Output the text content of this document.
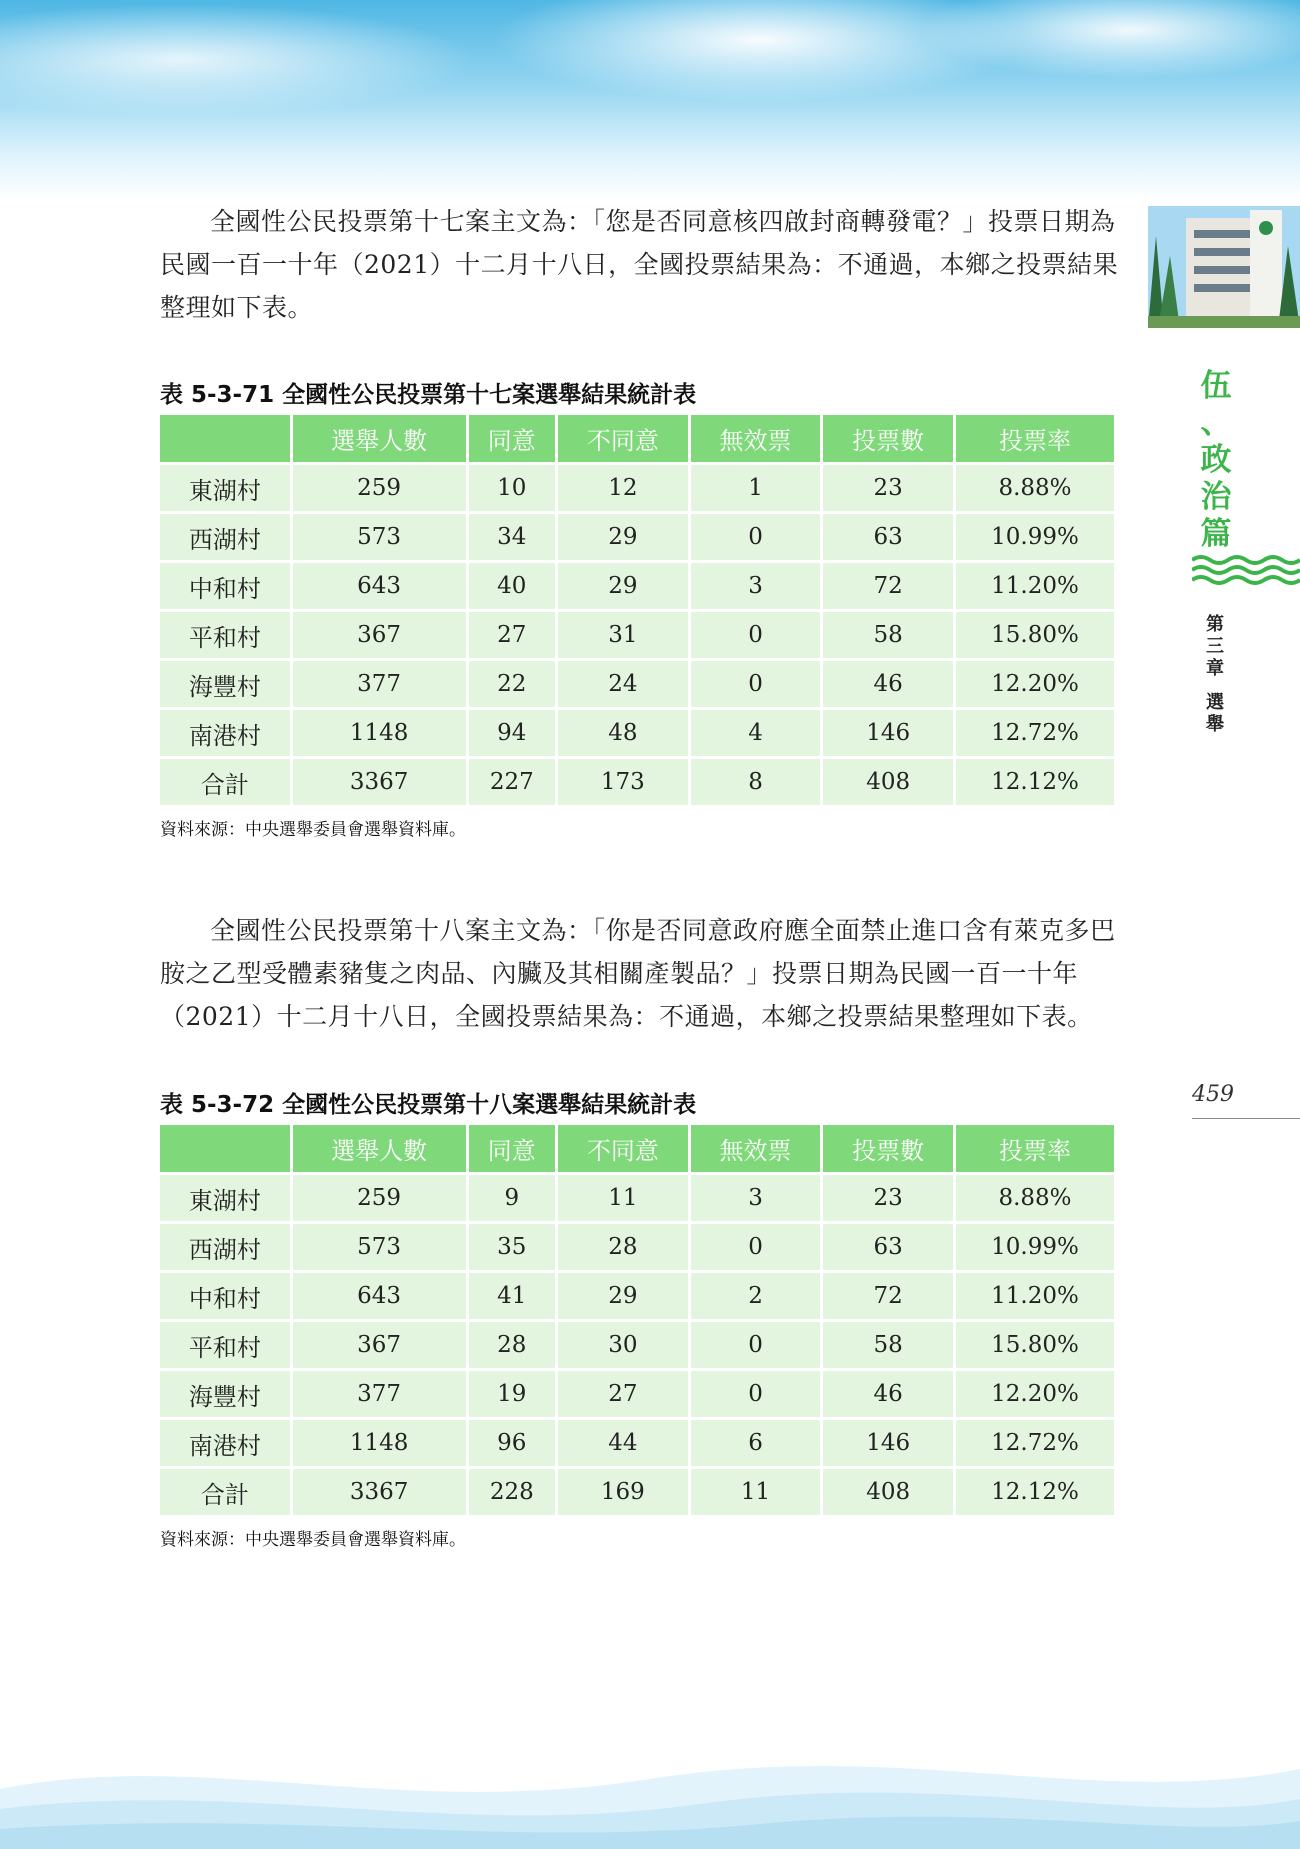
全國性公民投票第十七案主文為：「您是否同意核四啟封商轉發電？」投票日期為民國一百一十年（2021）十二月十八日，全國投票結果為：不通過，本鄉之投票結果整理如下表。

表 5-3-71 全國性公民投票第十七案選舉結果統計表
	選舉人數	同意	不同意	無效票	投票數	投票率
東湖村	259	10	12	1	23	8.88%
西湖村	573	34	29	0	63	10.99%
中和村	643	40	29	3	72	11.20%
平和村	367	27	31	0	58	15.80%
海豐村	377	22	24	0	46	12.20%
南港村	1148	94	48	4	146	12.72%
合計	3367	227	173	8	408	12.12%
資料來源：中央選舉委員會選舉資料庫。

全國性公民投票第十八案主文為：「你是否同意政府應全面禁止進口含有萊克多巴胺之乙型受體素豬隻之肉品、內臟及其相關產製品？」投票日期為民國一百一十年（2021）十二月十八日，全國投票結果為：不通過，本鄉之投票結果整理如下表。

表 5-3-72 全國性公民投票第十八案選舉結果統計表
	選舉人數	同意	不同意	無效票	投票數	投票率
東湖村	259	9	11	3	23	8.88%
西湖村	573	35	28	0	63	10.99%
中和村	643	41	29	2	72	11.20%
平和村	367	28	30	0	58	15.80%
海豐村	377	19	27	0	46	12.20%
南港村	1148	96	44	6	146	12.72%
合計	3367	228	169	11	408	12.12%
資料來源：中央選舉委員會選舉資料庫。
伍
、
政
治
篇
第
三
章
選
舉
459
